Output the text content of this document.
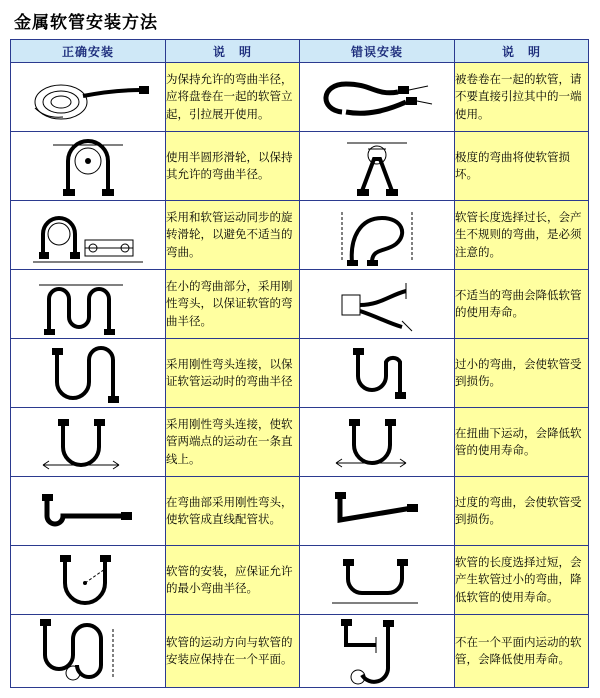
金属软管安装方法
正确安装	说　明	错误安装	说　明

	为保持允许的弯曲半径，应将盘卷在一起的软管立起，引拉展开使用。		被卷卷在一起的软管，请不要直接引拉其中的一端使用。

	使用半圆形滑轮，以保持其允许的弯曲半径。		极度的弯曲将使软管损坏。

	采用和软管运动同步的旋转滑轮，以避免不适当的弯曲。		软管长度选择过长，会产生不规则的弯曲，是必须注意的。

	在小的弯曲部分，采用刚性弯头，以保证软管的弯曲半径。		不适当的弯曲会降低软管的使用寿命。

	采用刚性弯头连接，以保证软管运动时的弯曲半径		过小的弯曲，会使软管受到损伤。

	采用刚性弯头连接，使软管两端点的运动在一条直线上。		在扭曲下运动，会降低软管的使用寿命。

	在弯曲部采用刚性弯头，使软管成直线配管状。		过度的弯曲，会使软管受到损伤。

	软管的安装，应保证允许的最小弯曲半径。		软管的长度选择过短，会产生软管过小的弯曲，降低软管的使用寿命。

	软管的运动方向与软管的安装应保持在一个平面。		不在一个平面内运动的软管，会降低使用寿命。
